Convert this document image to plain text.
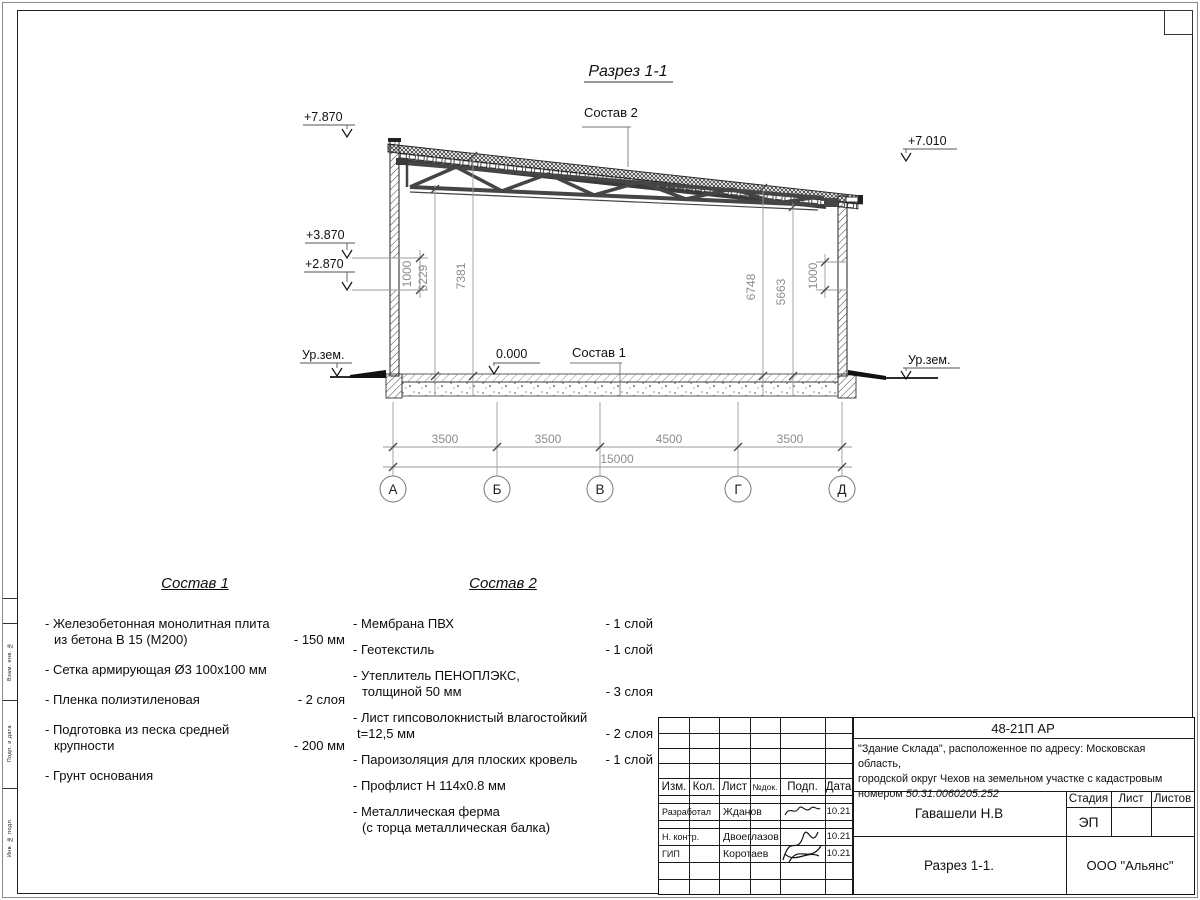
Взам. инв. №
Подп. и дата
Инв. № подл.
Разрез 1-1
+7.870
+3.870
+2.870
Ур.зем.
+7.010
Ур.зем.
0.000
Состав 2
Состав 1
1000 6229 7381	6748 5663
1000
3500	3500	4500	3500
15000
А	Б	В	Г	Д
Состав 1
- Железобетонная монолитная плита
из бетона В 15 (М200)	- 150 мм
- Сетка армирующая Ø3 100х100 мм
- Пленка полиэтиленовая	- 2 слоя
- Подготовка из песка средней
крупности	- 200 мм
- Грунт основания
Состав 2
- Мембрана ПВХ	- 1 слой
- Геотекстиль	- 1 слой
- Утеплитель ПЕНОПЛЭКС,
толщиной 50 мм	- 3 слоя
- Лист гипсоволокнистый влагостойкий
t=12,5 мм	- 2 слоя
- Пароизоляция для плоских кровель	- 1 слой
- Профлист Н 114х0.8 мм
- Металлическая ферма
(с торца металлическая балка)
Изм. Кол. Лист №док. Подп. Дата
Разработал	Жданов	10.21
Н. контр.	Двоеглазов	10.21
ГИП	Коротаев	10.21
48-21П АР
"Здание Склада", расположенное по адресу: Московская область,
городской округ Чехов на земельном участке с кадастровым
номером 50:31:0060205:252
Гавашели Н.В
Стадия Лист Листов
ЭП
Разрез 1-1.	ООО "Альянс"
